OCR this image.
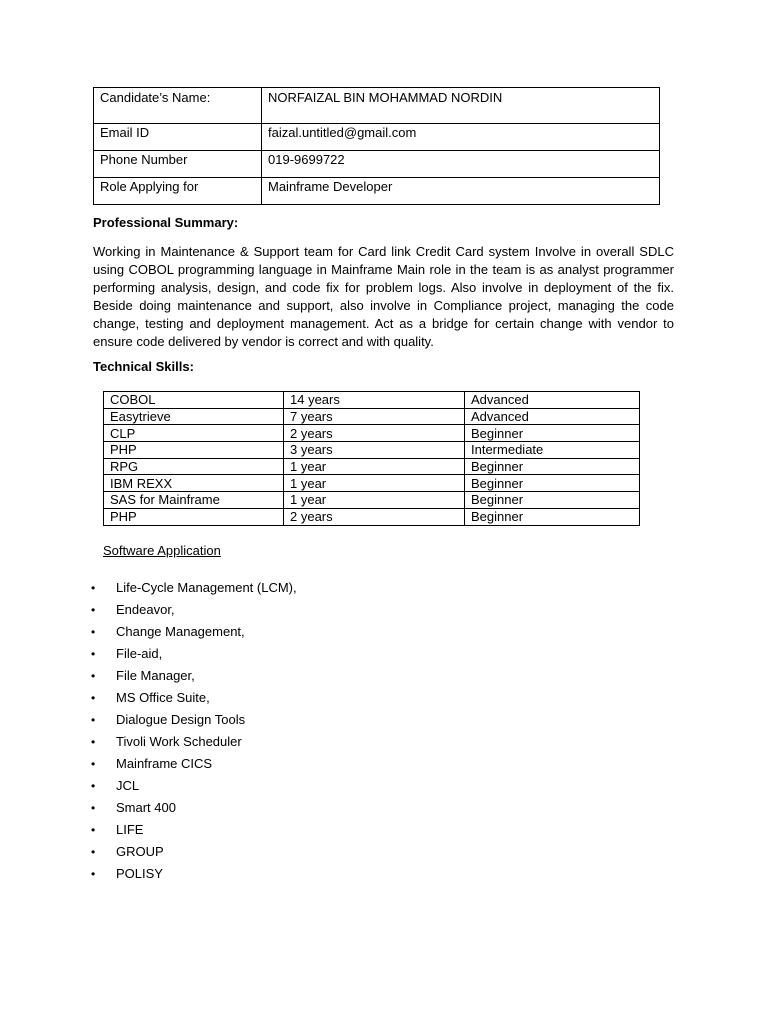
Candidate’s Name:	NORFAIZAL BIN MOHAMMAD NORDIN
Email ID	faizal.untitled@gmail.com
Phone Number	019-9699722
Role Applying for	Mainframe Developer
Professional Summary:

Working in Maintenance & Support team for Card link Credit Card system Involve in overall SDLC using COBOL programming language in Mainframe Main role in the team is as analyst programmer performing analysis, design, and code fix for problem logs. Also involve in deployment of the fix. Beside doing maintenance and support, also involve in Compliance project, managing the code change, testing and deployment management. Act as a bridge for certain change with vendor to ensure code delivered by vendor is correct and with quality.

Technical Skills:
COBOL	14 years	Advanced
Easytrieve	7 years	Advanced
CLP	2 years	Beginner
PHP	3 years	Intermediate
RPG	1 year	Beginner
IBM REXX	1 year	Beginner
SAS for Mainframe	1 year	Beginner
PHP	2 years	Beginner
Software Application
• Life-Cycle Management (LCM),
• Endeavor,
• Change Management,
• File-aid,
• File Manager,
• MS Office Suite,
• Dialogue Design Tools
• Tivoli Work Scheduler
• Mainframe CICS
• JCL
• Smart 400
• LIFE
• GROUP
• POLISY
